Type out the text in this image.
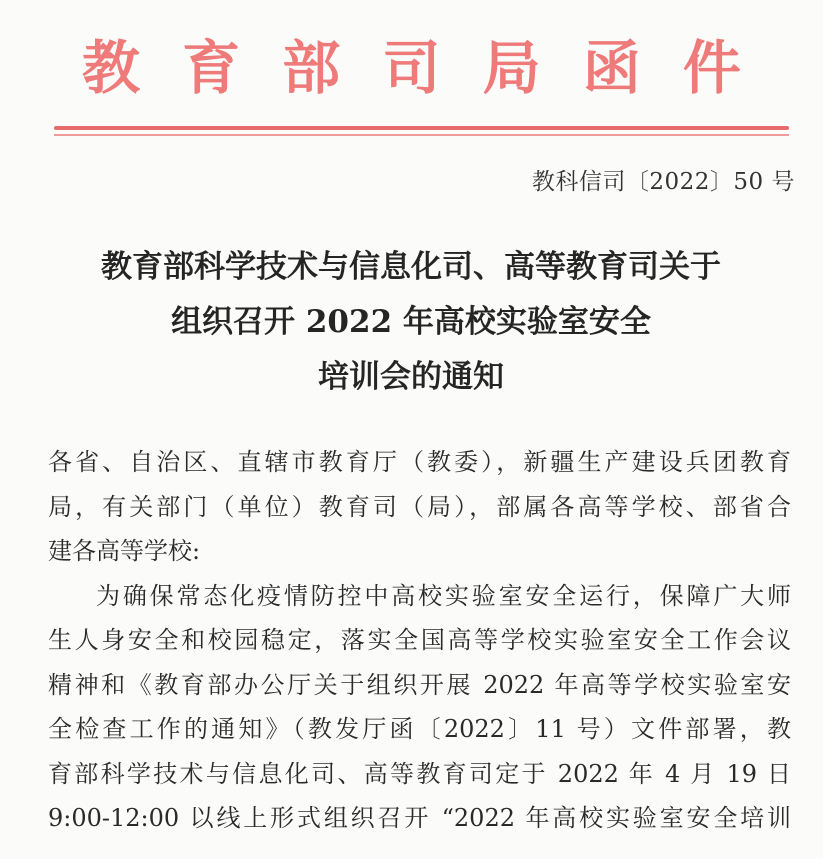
教 育 部 司 局 函 件
教科信司〔2022〕50 号
教育部科学技术与信息化司、高等教育司关于
组织召开 2022 年高校实验室安全
培训会的通知
各省、自治区、直辖市教育厅（教委），新疆生产建设兵团教育
局，有关部门（单位）教育司（局），部属各高等学校、部省合
建各高等学校:
为确保常态化疫情防控中高校实验室安全运行，保障广大师
生人身安全和校园稳定，落实全国高等学校实验室安全工作会议
精神和《教育部办公厅关于组织开展 2022 年高等学校实验室安
全检查工作的通知》（教发厅函〔2022〕11 号）文件部署，教
育部科学技术与信息化司、高等教育司定于 2022 年 4 月 19 日
9:00-12:00 以线上形式组织召开 “2022 年高校实验室安全培训
